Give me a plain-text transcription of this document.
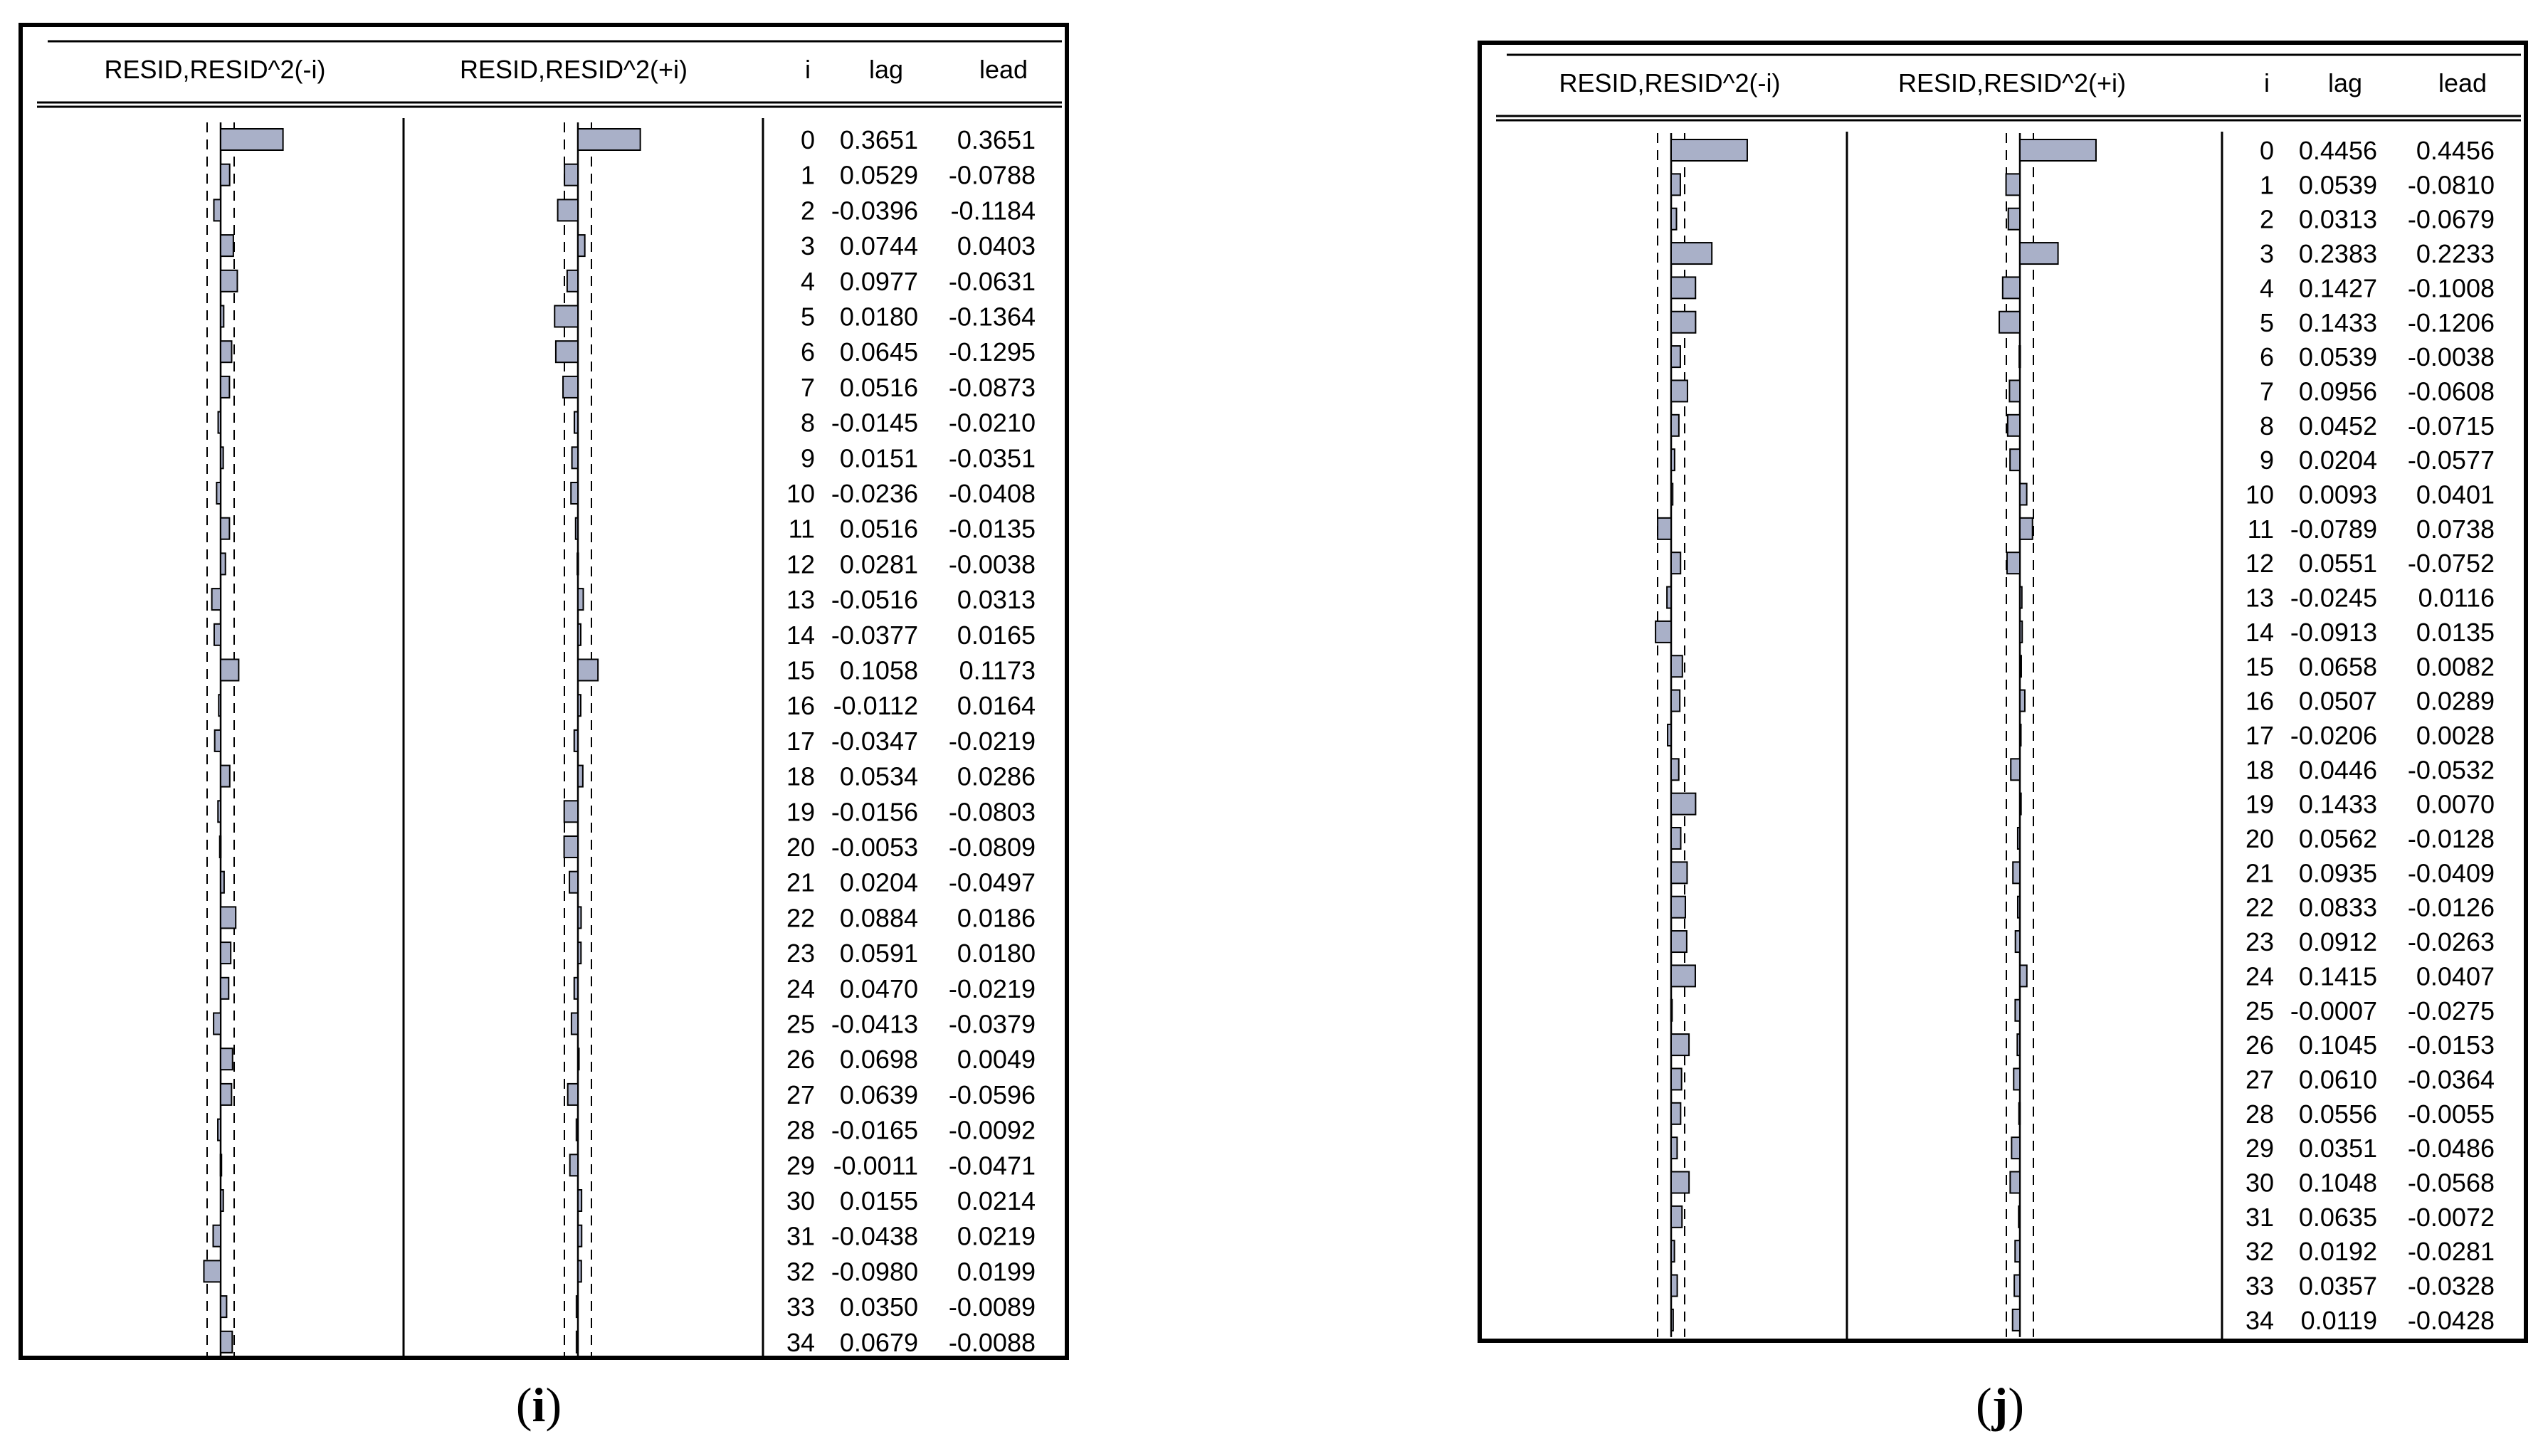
RESID,RESID^2(-i)	RESID,RESID^2(+i)	i lag	lead
0 0.3651 0.3651
1 0.0529 -0.0788
2 -0.0396 -0.1184
3 0.0744 0.0403
4 0.0977 -0.0631
5 0.0180 -0.1364
6 0.0645 -0.1295
7 0.0516 -0.0873
8 -0.0145 -0.0210
9 0.0151 -0.0351
10 -0.0236 -0.0408
11 0.0516 -0.0135
12 0.0281 -0.0038
13 -0.0516 0.0313
14 -0.0377 0.0165
15 0.1058 0.1173
16 -0.0112 0.0164
17 -0.0347 -0.0219
18 0.0534 0.0286
19 -0.0156 -0.0803
20 -0.0053 -0.0809
21 0.0204 -0.0497
22 0.0884 0.0186
23 0.0591 0.0180
24 0.0470 -0.0219
25 -0.0413 -0.0379
26 0.0698 0.0049
27 0.0639 -0.0596
28 -0.0165 -0.0092
29 -0.0011 -0.0471
30 0.0155 0.0214
31 -0.0438 0.0219
32 -0.0980 0.0199
33 0.0350 -0.0089
34 0.0679 -0.0088
(i)
RESID,RESID^2(-i)	RESID,RESID^2(+i)	i lag	lead
0 0.4456 0.4456
1 0.0539 -0.0810
2 0.0313 -0.0679
3 0.2383 0.2233
4 0.1427 -0.1008
5 0.1433 -0.1206
6 0.0539 -0.0038
7 0.0956 -0.0608
8 0.0452 -0.0715
9 0.0204 -0.0577
10 0.0093 0.0401
11 -0.0789 0.0738
12 0.0551 -0.0752
13 -0.0245 0.0116
14 -0.0913 0.0135
15 0.0658 0.0082
16 0.0507 0.0289
17 -0.0206 0.0028
18 0.0446 -0.0532
19 0.1433 0.0070
20 0.0562 -0.0128
21 0.0935 -0.0409
22 0.0833 -0.0126
23 0.0912 -0.0263
24 0.1415 0.0407
25 -0.0007 -0.0275
26 0.1045 -0.0153
27 0.0610 -0.0364
28 0.0556 -0.0055
29 0.0351 -0.0486
30 0.1048 -0.0568
31 0.0635 -0.0072
32 0.0192 -0.0281
33 0.0357 -0.0328
34 0.0119 -0.0428
(j)
